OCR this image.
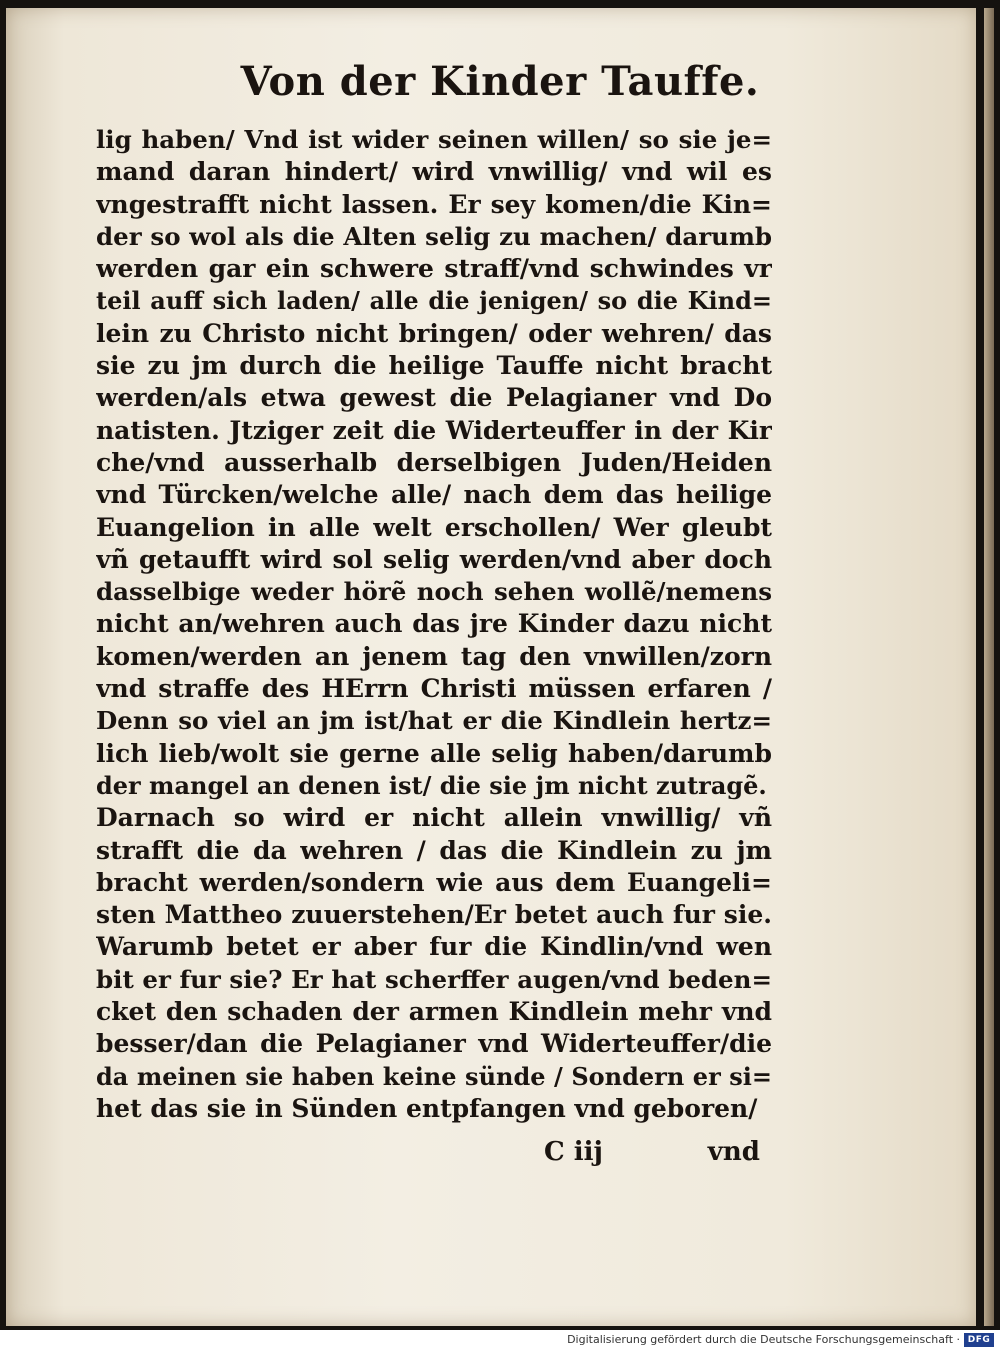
Von der Kinder Tauffe.
lig haben/ Vnd ist wider seinen willen/ so sie je=
mand daran hindert/ wird vnwillig/ vnd wil es
vngestrafft nicht lassen. Er sey komen/die Kin=
der so wol als die Alten selig zu machen/ darumb
werden gar ein schwere straff/vnd schwindes vr
teil auff sich laden/ alle die jenigen/ so die Kind=
lein zu Christo nicht bringen/ oder wehren/ das
sie zu jm durch die heilige Tauffe nicht bracht
werden/als etwa gewest die Pelagianer vnd Do
natisten. Jtziger zeit die Widerteuffer in der Kir
che/vnd ausserhalb derselbigen Juden/Heiden
vnd Türcken/welche alle/ nach dem das heilige
Euangelion in alle welt erschollen/ Wer gleubt
vñ getaufft wird sol selig werden/vnd aber doch
dasselbige weder hörẽ noch sehen wollẽ/nemens
nicht an/wehren auch das jre Kinder dazu nicht
komen/werden an jenem tag den vnwillen/zorn
vnd straffe des HErrn Christi müssen erfaren /
Denn so viel an jm ist/hat er die Kindlein hertz=
lich lieb/wolt sie gerne alle selig haben/darumb
der mangel an denen ist/ die sie jm nicht zutragẽ.
Darnach so wird er nicht allein vnwillig/ vñ
strafft die da wehren / das die Kindlein zu jm
bracht werden/sondern wie aus dem Euangeli=
sten Mattheo zuuerstehen/Er betet auch fur sie.
Warumb betet er aber fur die Kindlin/vnd wen
bit er fur sie? Er hat scherffer augen/vnd beden=
cket den schaden der armen Kindlein mehr vnd
besser/dan die Pelagianer vnd Widerteuffer/die
da meinen sie haben keine sünde / Sondern er si=
het das sie in Sünden entpfangen vnd geboren/
C iij	vnd
Digitalisierung gefördert durch die Deutsche Forschungsgemeinschaft · DFG
